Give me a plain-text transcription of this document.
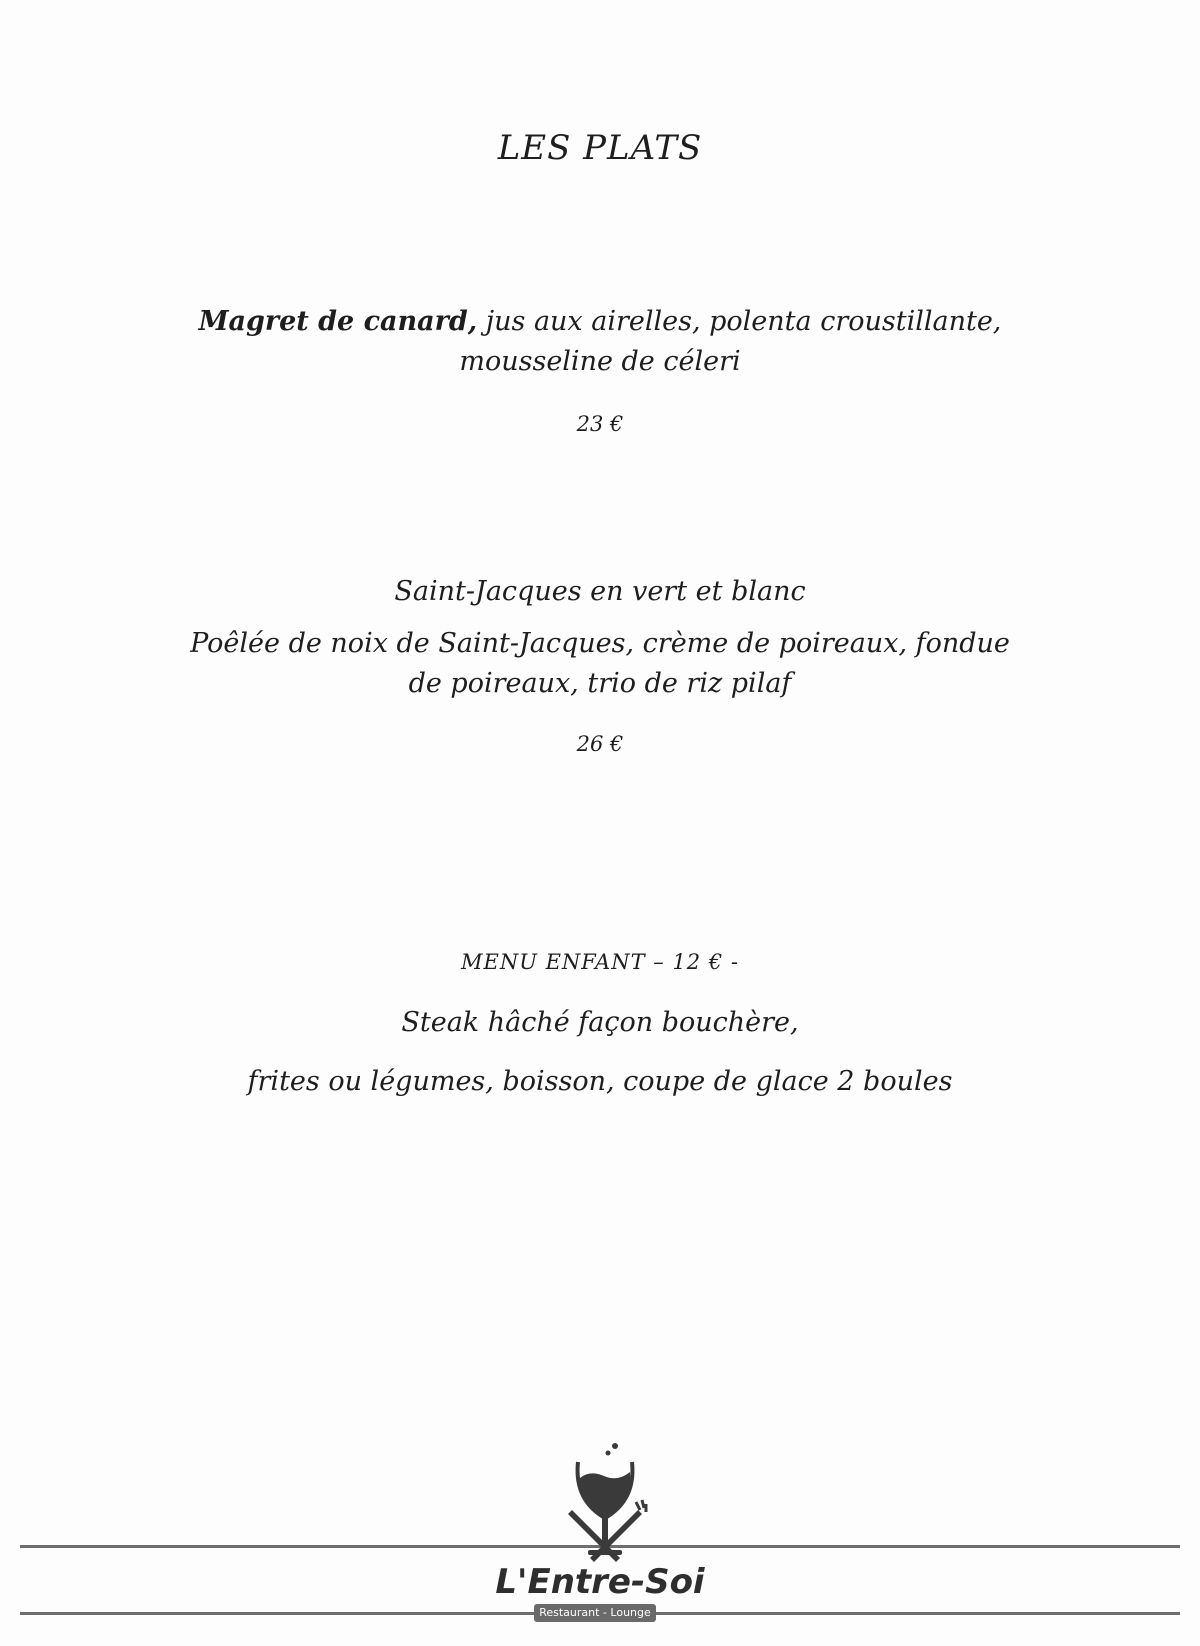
LES PLATS
Magret de canard, jus aux airelles, polenta croustillante,
mousseline de céleri
23 €
Saint-Jacques en vert et blanc
Poêlée de noix de Saint-Jacques, crème de poireaux, fondue
de poireaux, trio de riz pilaf
26 €
MENU ENFANT – 12 € -
Steak hâché façon bouchère,
frites ou légumes, boisson, coupe de glace 2 boules
L'Entre-Soi
Restaurant - Lounge
